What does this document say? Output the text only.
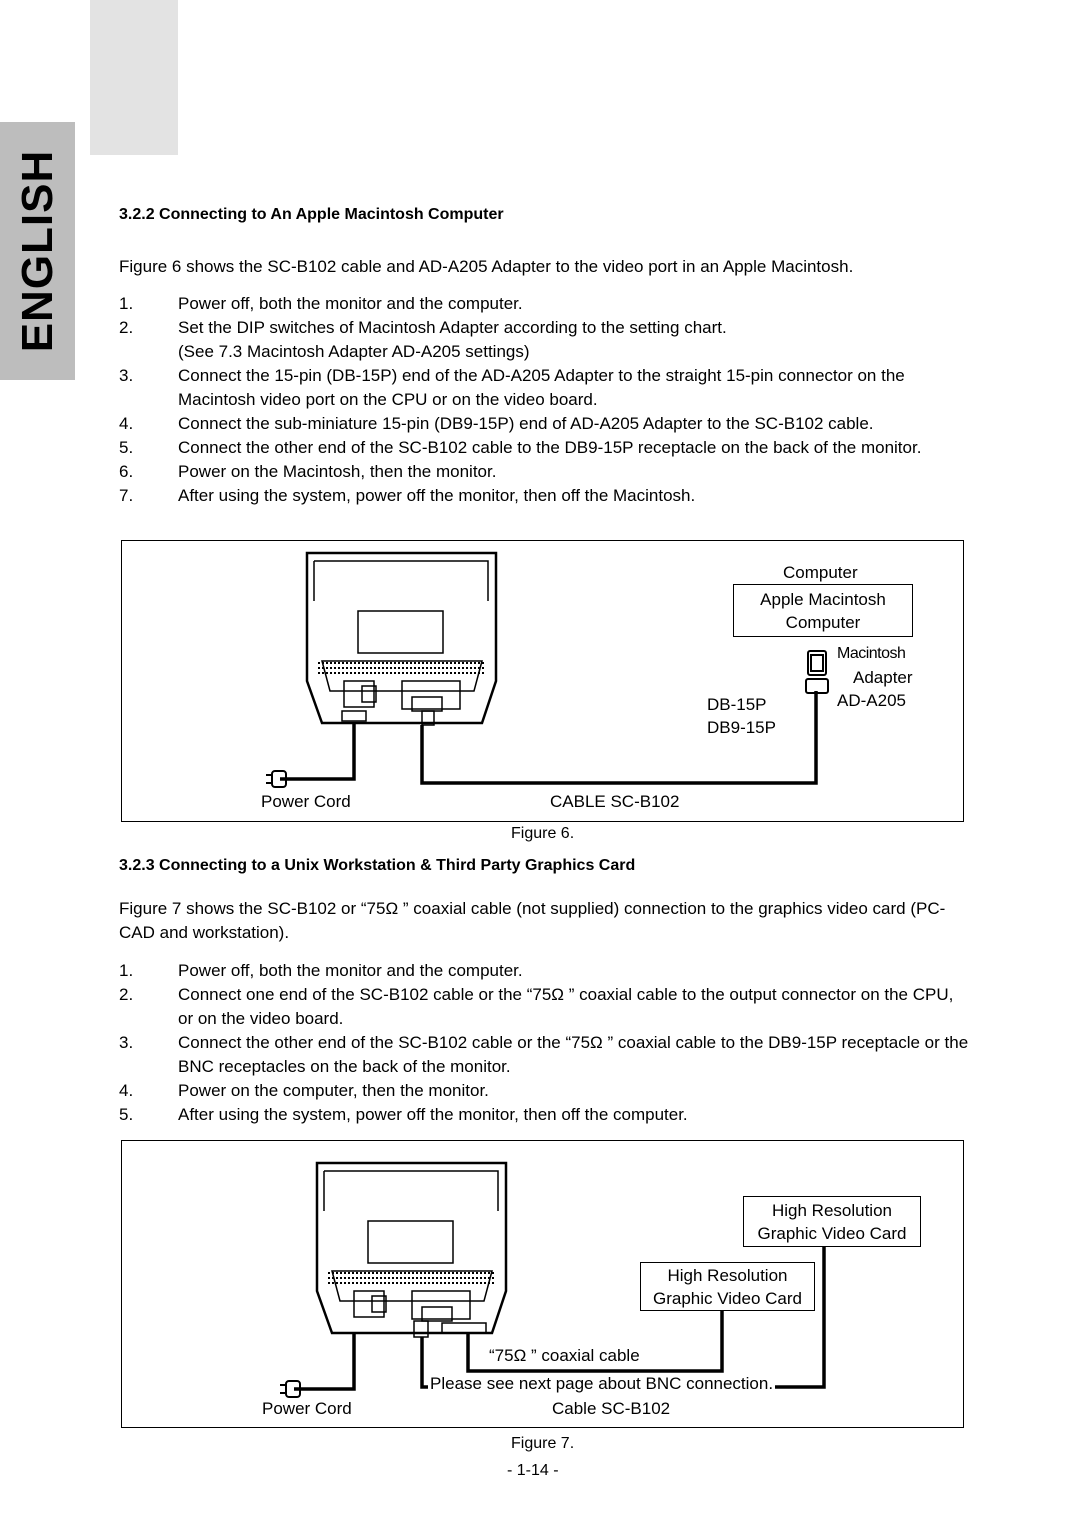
ENGLISH	3.2.2 Connecting to An Apple Macintosh Computer
Figure 6 shows the SC-B102 cable and AD-A205 Adapter to the video port in an Apple Macintosh.
1.	Power off, both the monitor and the computer.
2.	Set the DIP switches of Macintosh Adapter according to the setting chart.
(See 7.3 Macintosh Adapter AD-A205 settings)
3.	Connect the 15-pin (DB-15P) end of the AD-A205 Adapter to the straight 15-pin connector on the Macintosh video port on the CPU or on the video board.
4.	Connect the sub-miniature 15-pin (DB9-15P) end of AD-A205 Adapter to the SC-B102 cable.
5.	Connect the other end of the SC-B102 cable to the DB9-15P receptacle on the back of the monitor.
6.	Power on the Macintosh, then the monitor.
7.	After using the system, power off the monitor, then off the Macintosh.
Computer
Apple Macintosh
Computer
Macintosh
Adapter
AD-A205
DB-15P
DB9-15P
Power Cord	CABLE SC-B102
Figure 6.
3.2.3 Connecting to a Unix Workstation & Third Party Graphics Card
Figure 7 shows the SC-B102 or “75Ω ” coaxial cable (not supplied) connection to the graphics video card (PC-CAD and workstation).
1.	Power off, both the monitor and the computer.
2.	Connect one end of the SC-B102 cable or the “75Ω ” coaxial cable to the output connector on the CPU, or on the video board.
3.	Connect the other end of the SC-B102 cable or the “75Ω ” coaxial cable to the DB9-15P receptacle or the BNC receptacles on the back of the monitor.
4.	Power on the computer, then the monitor.
5.	After using the system, power off the monitor, then off the computer.
High Resolution
Graphic Video Card
High Resolution
Graphic Video Card
“75Ω ” coaxial cable
Please see next page about BNC connection.
Power Cord	Cable SC-B102
Figure 7.
- 1-14 -
